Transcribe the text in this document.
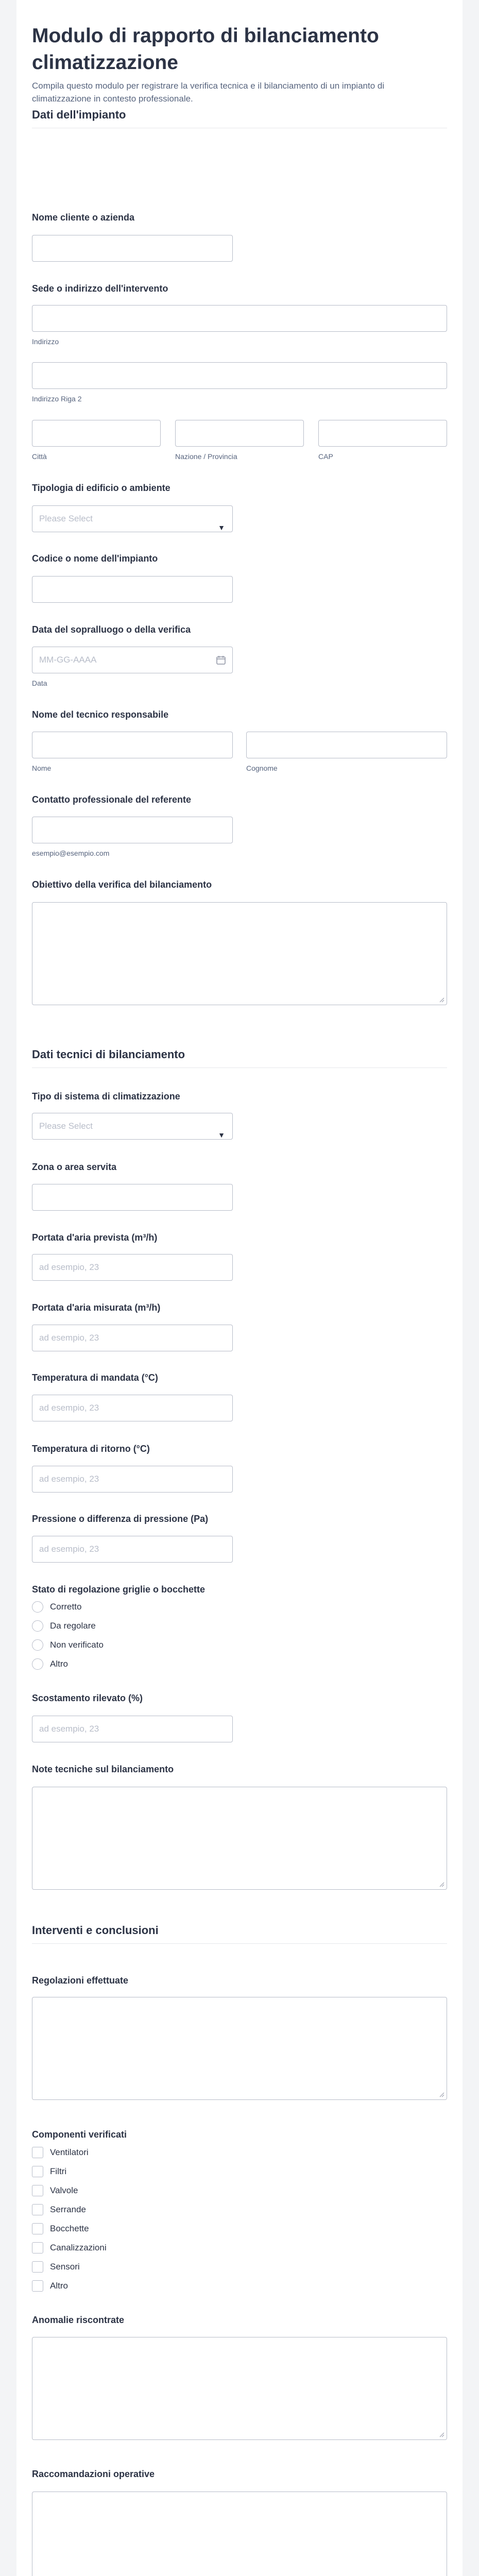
Modulo di rapporto di bilanciamento climatizzazione
Compila questo modulo per registrare la verifica tecnica e il bilanciamento di un impianto di climatizzazione in contesto professionale.
Dati dell'impianto
Nome cliente o azienda
Sede o indirizzo dell'intervento
Indirizzo
Indirizzo Riga 2
Città	Nazione / Provincia	CAP
Tipologia di edificio o ambiente
Please Select
▼
Codice o nome dell'impianto
Data del sopralluogo o della verifica
MM-GG-AAAA
Data
Nome del tecnico responsabile
Nome	Cognome
Contatto professionale del referente
esempio@esempio.com
Obiettivo della verifica del bilanciamento
Dati tecnici di bilanciamento
Tipo di sistema di climatizzazione
Please Select
▼
Zona o area servita
Portata d'aria prevista (m³/h)
ad esempio, 23
Portata d'aria misurata (m³/h)
ad esempio, 23
Temperatura di mandata (°C)
ad esempio, 23
Temperatura di ritorno (°C)
ad esempio, 23
Pressione o differenza di pressione (Pa)
ad esempio, 23
Stato di regolazione griglie o bocchette
Corretto
Da regolare
Non verificato
Altro
Scostamento rilevato (%)
ad esempio, 23
Note tecniche sul bilanciamento
Interventi e conclusioni
Regolazioni effettuate
Componenti verificati
Ventilatori
Filtri
Valvole
Serrande
Bocchette
Canalizzazioni
Sensori
Altro
Anomalie riscontrate
Raccomandazioni operative
